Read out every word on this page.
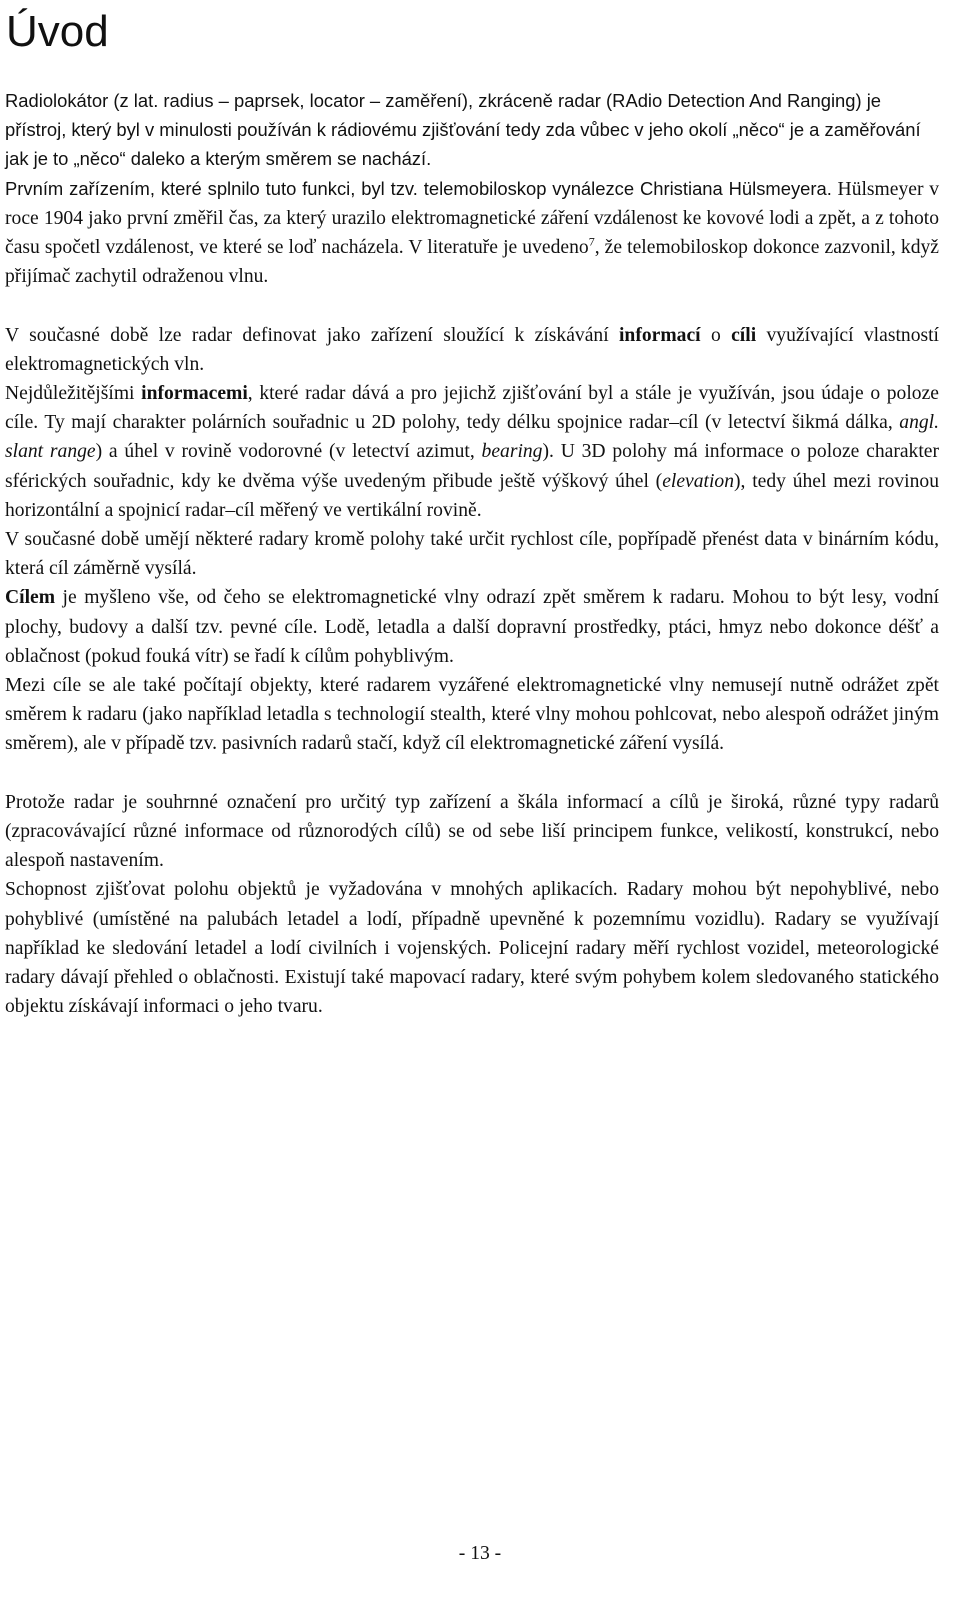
Úvod

Radiolokátor (z lat. radius – paprsek, locator – zaměření), zkráceně radar (RAdio Detection And Ranging) je přístroj, který byl v minulosti používán k rádiovému zjišťování tedy zda vůbec v jeho okolí „něco“ je a zaměřování jak je to „něco“ daleko a kterým směrem se nachází.

Prvním zařízením, které splnilo tuto funkci, byl tzv. telemobiloskop vynálezce Christiana Hülsmeyera. Hülsmeyer v roce 1904 jako první změřil čas, za který urazilo elektromagnetické záření vzdálenost ke kovové lodi a zpět, a z tohoto času spočetl vzdálenost, ve které se loď nacházela. V literatuře je uvedeno$^7$, že telemobiloskop dokonce zazvonil, když přijímač zachytil odraženou vlnu.

V současné době lze radar definovat jako zařízení sloužící k získávání informací o cíli využívající vlastností elektromagnetických vln.

Nejdůležitějšími informacemi, které radar dává a pro jejichž zjišťování byl a stále je využíván, jsou údaje o poloze cíle. Ty mají charakter polárních souřadnic u 2D polohy, tedy délku spojnice radar–cíl (v letectví šikmá dálka, angl. slant range) a úhel v rovině vodorovné (v letectví azimut, bearing). U 3D polohy má informace o poloze charakter sférických souřadnic, kdy ke dvěma výše uvedeným přibude ještě výškový úhel (elevation), tedy úhel mezi rovinou horizontální a spojnicí radar–cíl měřený ve vertikální rovině.

V současné době umějí některé radary kromě polohy také určit rychlost cíle, popřípadě přenést data v binárním kódu, která cíl záměrně vysílá.

Cílem je myšleno vše, od čeho se elektromagnetické vlny odrazí zpět směrem k radaru. Mohou to být lesy, vodní plochy, budovy a další tzv. pevné cíle. Lodě, letadla a další dopravní prostředky, ptáci, hmyz nebo dokonce déšť a oblačnost (pokud fouká vítr) se řadí k cílům pohyblivým.

Mezi cíle se ale také počítají objekty, které radarem vyzářené elektromagnetické vlny nemusejí nutně odrážet zpět směrem k radaru (jako například letadla s technologií stealth, které vlny mohou pohlcovat, nebo alespoň odrážet jiným směrem), ale v případě tzv. pasivních radarů stačí, když cíl elektromagnetické záření vysílá.

Protože radar je souhrnné označení pro určitý typ zařízení a škála informací a cílů je široká, různé typy radarů (zpracovávající různé informace od různorodých cílů) se od sebe liší principem funkce, velikostí, konstrukcí, nebo alespoň nastavením.

Schopnost zjišťovat polohu objektů je vyžadována v mnohých aplikacích. Radary mohou být nepohyblivé, nebo pohyblivé (umístěné na palubách letadel a lodí, případně upevněné k pozemnímu vozidlu). Radary se využívají například ke sledování letadel a lodí civilních i vojenských. Policejní radary měří rychlost vozidel, meteorologické radary dávají přehled o oblačnosti. Existují také mapovací radary, které svým pohybem kolem sledovaného statického objektu získávají informaci o jeho tvaru.

- 13 -
